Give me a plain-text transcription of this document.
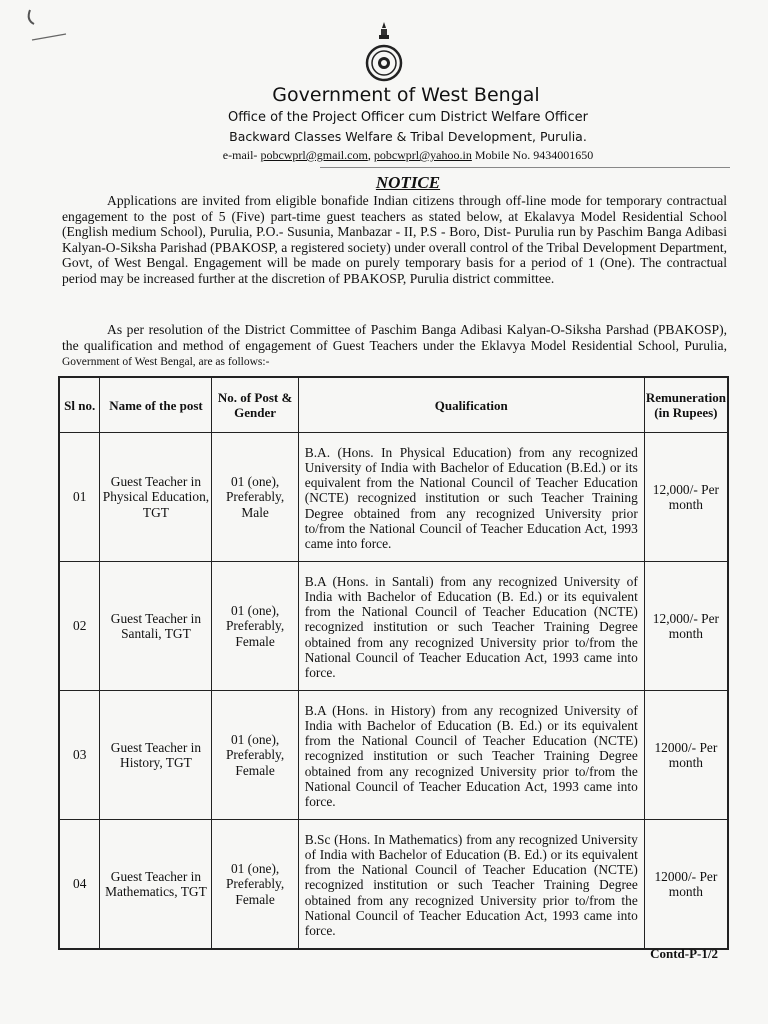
Government of West Bengal
Office of the Project Officer cum District Welfare Officer
Backward Classes Welfare & Tribal Development, Purulia.
e-mail- pobcwprl@gmail.com, pobcwprl@yahoo.in Mobile No. 9434001650
NOTICE
Applications are invited from eligible bonafide Indian citizens through off-line mode for temporary contractual engagement to the post of 5 (Five) part-time guest teachers as stated below, at Ekalavya Model Residential School (English medium School), Purulia, P.O.- Susunia, Manbazar - II, P.S - Boro, Dist- Purulia run by Paschim Banga Adibasi Kalyan-O-Siksha Parishad (PBAKOSP, a registered society) under overall control of the Tribal Development Department, Govt, of West Bengal. Engagement will be made on purely temporary basis for a period of 1 (One). The contractual period may be increased further at the discretion of PBAKOSP, Purulia district committee.
As per resolution of the District Committee of Paschim Banga Adibasi Kalyan-O-Siksha Parshad (PBAKOSP), the qualification and method of engagement of Guest Teachers under the Eklavya Model Residential School, Purulia, Government of West Bengal, are as follows:-
Sl no.	Name of the post	No. of Post & Gender	Qualification	Remuneration (in Rupees)
01	Guest Teacher in Physical Education, TGT	01 (one), Preferably, Male	B.A. (Hons. In Physical Education) from any recognized University of India with Bachelor of Education (B.Ed.) or its equivalent from the National Council of Teacher Education (NCTE) recognized institution or such Teacher Training Degree obtained from any recognized University prior to/from the National Council of Teacher Education Act, 1993 came into force.	12,000/- Per month
02	Guest Teacher in Santali, TGT	01 (one), Preferably, Female	B.A (Hons. in Santali) from any recognized University of India with Bachelor of Education (B. Ed.) or its equivalent from the National Council of Teacher Education (NCTE) recognized institution or such Teacher Training Degree obtained from any recognized University prior to/from the National Council of Teacher Education Act, 1993 came into force.	12,000/- Per month
03	Guest Teacher in History, TGT	01 (one), Preferably, Female	B.A (Hons. in History) from any recognized University of India with Bachelor of Education (B. Ed.) or its equivalent from the National Council of Teacher Education (NCTE) recognized institution or such Teacher Training Degree obtained from any recognized University prior to/from the National Council of Teacher Education Act, 1993 came into force.	12000/- Per month
04	Guest Teacher in Mathematics, TGT	01 (one), Preferably, Female	B.Sc (Hons. In Mathematics) from any recognized University of India with Bachelor of Education (B. Ed.) or its equivalent from the National Council of Teacher Education (NCTE) recognized institution or such Teacher Training Degree obtained from any recognized University prior to/from the National Council of Teacher Education Act, 1993 came into force.	12000/- Per month
Contd-P-1/2
